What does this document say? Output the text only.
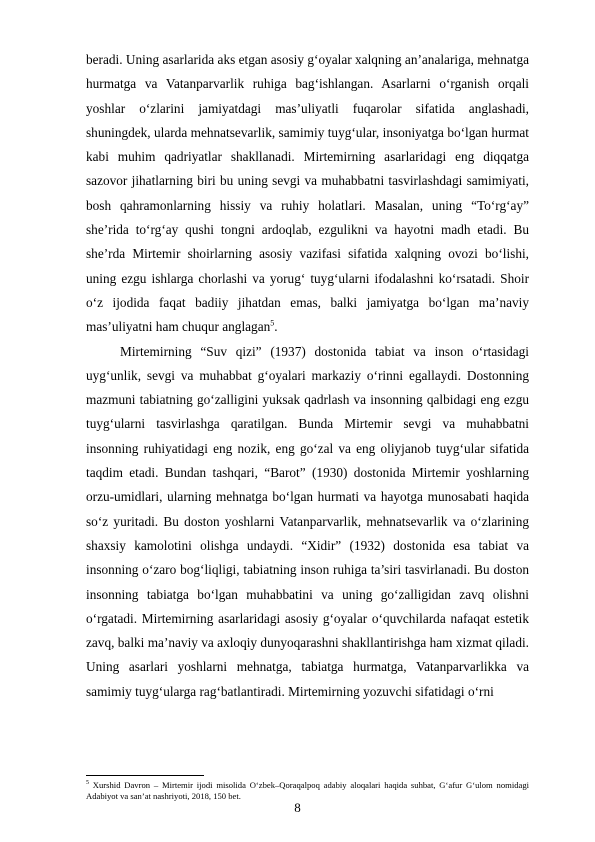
beradi. Uning asarlarida aks etgan asosiy g‘oyalar xalqning an’analariga, mehnatga hurmatga va Vatanparvarlik ruhiga bag‘ishlangan. Asarlarni o‘rganish orqali yoshlar o‘zlarini jamiyatdagi mas’uliyatli fuqarolar sifatida anglashadi, shuningdek, ularda mehnatsevarlik, samimiy tuyg‘ular, insoniyatga bo‘lgan hurmat kabi muhim qadriyatlar shakllanadi. Mirtemirning asarlaridagi eng diqqatga sazovor jihatlarning biri bu uning sevgi va muhabbatni tasvirlashdagi samimiyati, bosh qahramonlarning hissiy va ruhiy holatlari. Masalan, uning “To‘rg‘ay” she’rida to‘rg‘ay qushi tongni ardoqlab, ezgulikni va hayotni madh etadi. Bu she’rda Mirtemir shoirlarning asosiy vazifasi sifatida xalqning ovozi bo‘lishi, uning ezgu ishlarga chorlashi va yorug‘ tuyg‘ularni ifodalashni ko‘rsatadi. Shoir o‘z ijodida faqat badiiy jihatdan emas, balki jamiyatga bo‘lgan ma’naviy mas’uliyatni ham chuqur anglagan$^5$.

Mirtemirning “Suv qizi” (1937) dostonida tabiat va inson o‘rtasidagi uyg‘unlik, sevgi va muhabbat g‘oyalari markaziy o‘rinni egallaydi. Dostonning mazmuni tabiatning go‘zalligini yuksak qadrlash va insonning qalbidagi eng ezgu tuyg‘ularni tasvirlashga qaratilgan. Bunda Mirtemir sevgi va muhabbatni insonning ruhiyatidagi eng nozik, eng go‘zal va eng oliyjanob tuyg‘ular sifatida taqdim etadi. Bundan tashqari, “Barot” (1930) dostonida Mirtemir yoshlarning orzu-umidlari, ularning mehnatga bo‘lgan hurmati va hayotga munosabati haqida so‘z yuritadi. Bu doston yoshlarni Vatanparvarlik, mehnatsevarlik va o‘zlarining shaxsiy kamolotini olishga undaydi. “Xidir” (1932) dostonida esa tabiat va insonning o‘zaro bog‘liqligi, tabiatning inson ruhiga ta’siri tasvirlanadi. Bu doston insonning tabiatga bo‘lgan muhabbatini va uning go‘zalligidan zavq olishni o‘rgatadi. Mirtemirning asarlaridagi asosiy g‘oyalar o‘quvchilarda nafaqat estetik zavq, balki ma’naviy va axloqiy dunyoqarashni shakllantirishga ham xizmat qiladi. Uning asarlari yoshlarni mehnatga, tabiatga hurmatga, Vatanparvarlikka va samimiy tuyg‘ularga rag‘batlantiradi. Mirtemirning yozuvchi sifatidagi o‘rni

$^5$ Xurshid Davron – Mirtemir ijodi misolida O‘zbek–Qoraqalpoq adabiy aloqalari haqida suhbat, G‘afur G‘ulom nomidagi Adabiyot va san’at nashriyoti, 2018, 150 bet.

8
